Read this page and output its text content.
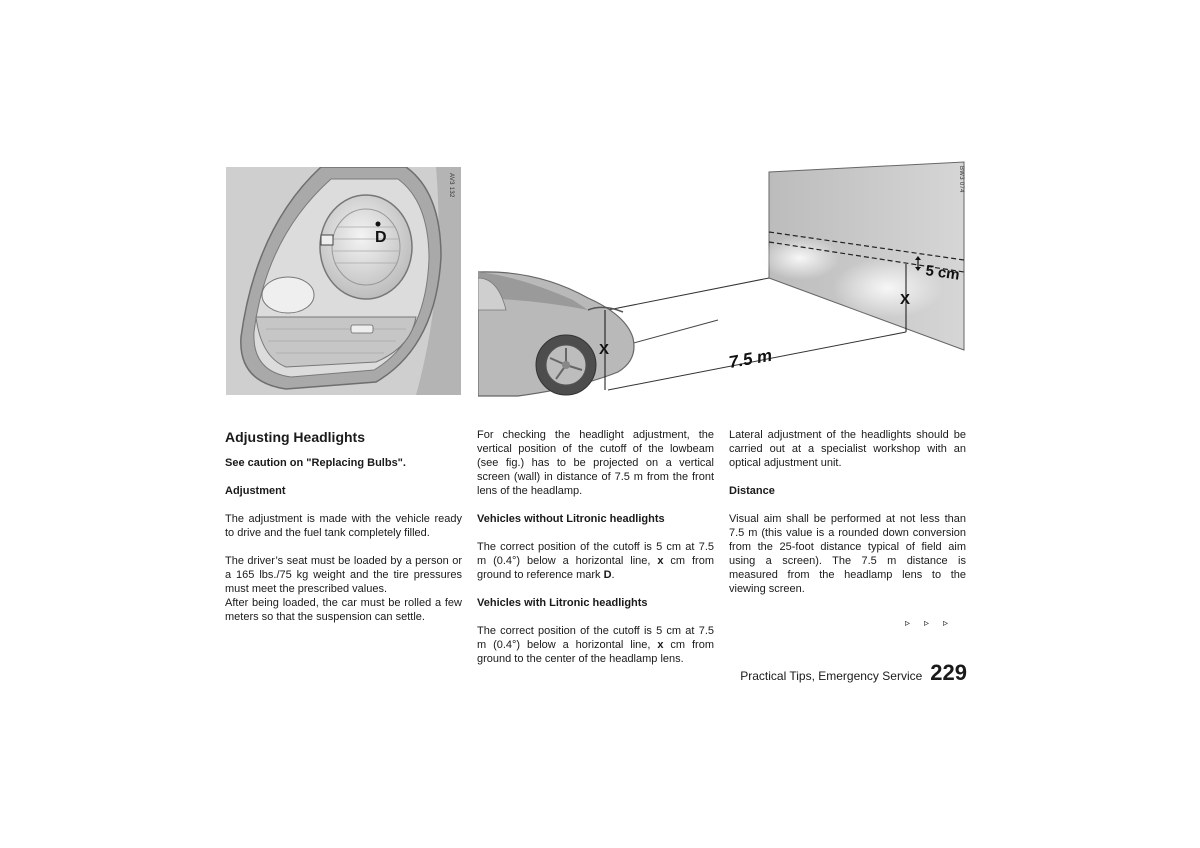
D
AV3 132
5 cm
X
7.5 m
X
BW3 074
Adjusting Headlights

See caution on "Replacing Bulbs".

Adjustment

The adjustment is made with the vehicle ready to drive and the fuel tank completely filled.

The driver’s seat must be loaded by a person or a 165 lbs./75 kg weight and the tire pressures must meet the prescribed values.

After being loaded, the car must be rolled a few meters so that the suspension can settle.

For checking the headlight adjustment, the vertical position of the cutoff of the lowbeam (see fig.) has to be projected on a vertical screen (wall) in distance of 7.5 m from the front lens of the headlamp.

Vehicles without Litronic headlights

The correct position of the cutoff is 5 cm at 7.5 m (0.4°) below a horizontal line, x cm from ground to reference mark D.

Vehicles with Litronic headlights

The correct position of the cutoff is 5 cm at 7.5 m (0.4°) below a horizontal line, x cm from ground to the center of the headlamp lens.

Lateral adjustment of the headlights should be carried out at a specialist workshop with an optical adjustment unit.

Distance

Visual aim shall be performed at not less than 7.5 m (this value is a rounded down conversion from the 25-foot distance typical of field aim using a screen). The 7.5 m distance is measured from the headlamp lens to the viewing screen.

▹▹▹
Practical Tips, Emergency Service 229
